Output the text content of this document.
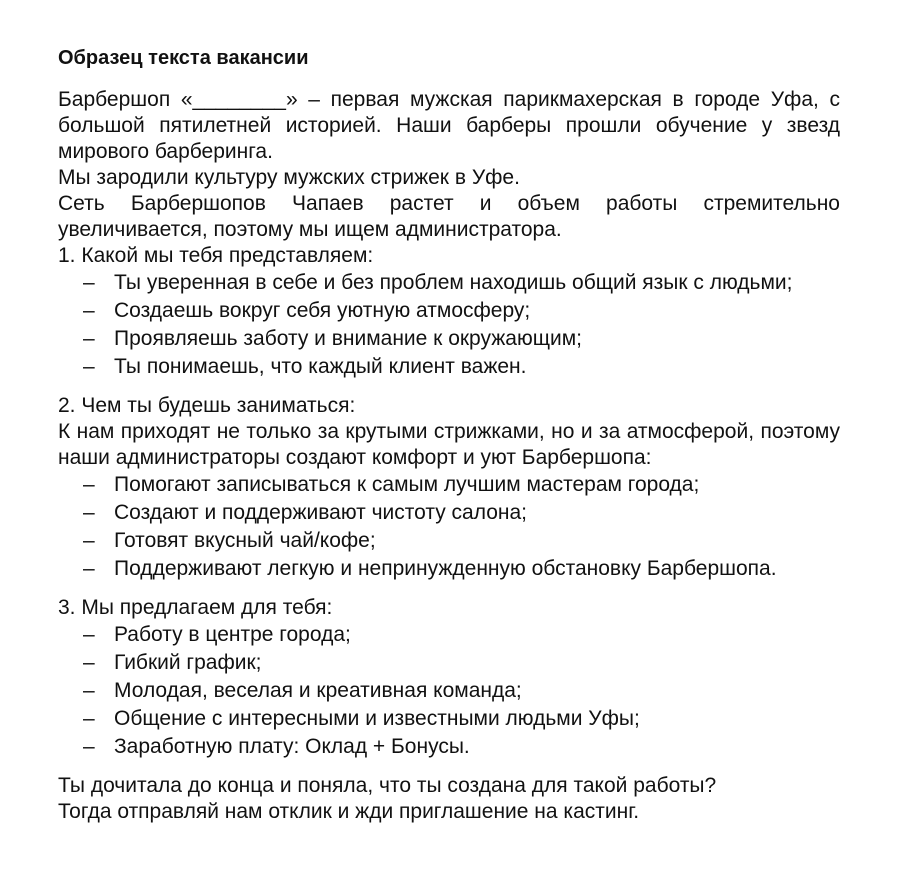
Образец текста вакансии

Барбершоп «________» – первая мужская парикмахерская в городе Уфа, с большой пятилетней историей. Наши барберы прошли обучение у звезд мирового барберинга.

Мы зародили культуру мужских стрижек в Уфе.

Сеть Барбершопов Чапаев растет и объем работы стремительно увеличивается, поэтому мы ищем администратора.

1. Какой мы тебя представляем:

– Ты уверенная в себе и без проблем находишь общий язык с людьми;
– Создаешь вокруг себя уютную атмосферу;
– Проявляешь заботу и внимание к окружающим;
– Ты понимаешь, что каждый клиент важен.

2. Чем ты будешь заниматься:

К нам приходят не только за крутыми стрижками, но и за атмосферой, поэтому наши администраторы создают комфорт и уют Барбершопа:

– Помогают записываться к самым лучшим мастерам города;
– Создают и поддерживают чистоту салона;
– Готовят вкусный чай/кофе;
– Поддерживают легкую и непринужденную обстановку Барбершопа.

3. Мы предлагаем для тебя:

– Работу в центре города;
– Гибкий график;
– Молодая, веселая и креативная команда;
– Общение с интересными и известными людьми Уфы;
– Заработную плату: Оклад + Бонусы.

Ты дочитала до конца и поняла, что ты создана для такой работы?

Тогда отправляй нам отклик и жди приглашение на кастинг.
